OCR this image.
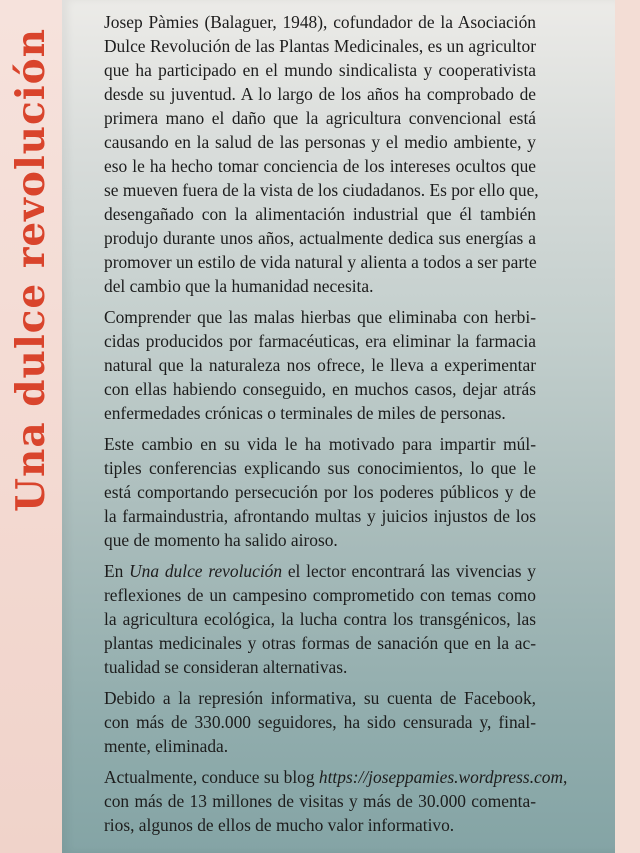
Una dulce revolución

Josep Pàmies (Balaguer, 1948), cofundador de la Asociación
Dulce Revolución de las Plantas Medicinales, es un agricultor
que ha participado en el mundo sindicalista y cooperativista
desde su juventud. A lo largo de los años ha comprobado de
primera mano el daño que la agricultura convencional está
causando en la salud de las personas y el medio ambiente, y
eso le ha hecho tomar conciencia de los intereses ocultos que
se mueven fuera de la vista de los ciudadanos. Es por ello que,
desengañado con la alimentación industrial que él también
produjo durante unos años, actualmente dedica sus energías a
promover un estilo de vida natural y alienta a todos a ser parte
del cambio que la humanidad necesita.

Comprender que las malas hierbas que eliminaba con herbi-
cidas producidos por farmacéuticas, era eliminar la farmacia
natural que la naturaleza nos ofrece, le lleva a experimentar
con ellas habiendo conseguido, en muchos casos, dejar atrás
enfermedades crónicas o terminales de miles de personas.

Este cambio en su vida le ha motivado para impartir múl-
tiples conferencias explicando sus conocimientos, lo que le
está comportando persecución por los poderes públicos y de
la farmaindustria, afrontando multas y juicios injustos de los
que de momento ha salido airoso.

En Una dulce revolución el lector encontrará las vivencias y
reflexiones de un campesino comprometido con temas como
la agricultura ecológica, la lucha contra los transgénicos, las
plantas medicinales y otras formas de sanación que en la ac-
tualidad se consideran alternativas.

Debido a la represión informativa, su cuenta de Facebook,
con más de 330.000 seguidores, ha sido censurada y, final-
mente, eliminada.

Actualmente, conduce su blog https://joseppamies.wordpress.com,
con más de 13 millones de visitas y más de 30.000 comenta-
rios, algunos de ellos de mucho valor informativo.
